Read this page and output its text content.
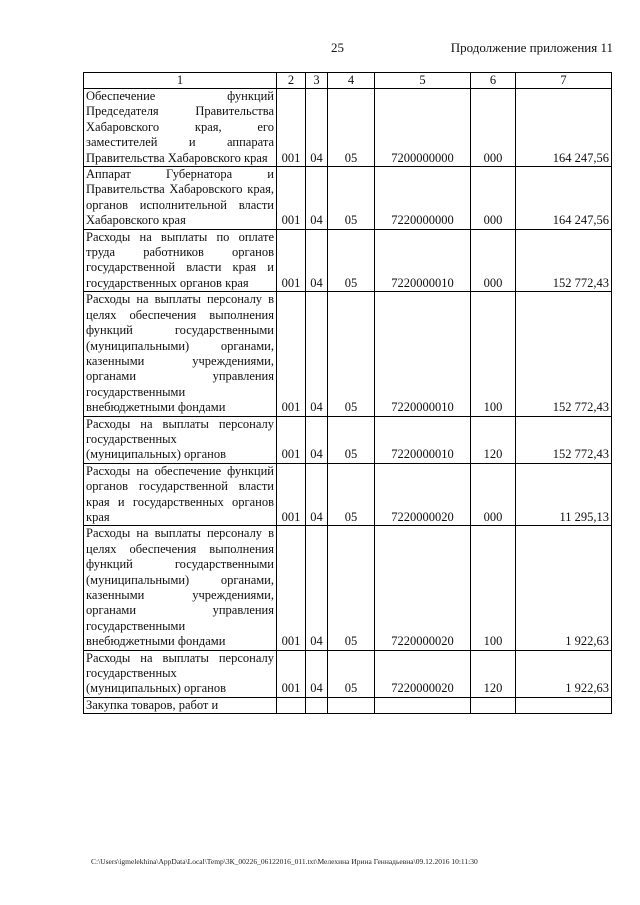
25	Продолжение приложения 11
1	2	3	4	5	6	7
Обеспечение функций Председателя Правительства Хабаровского края, его заместителей и аппарата Правительства Хабаровского края	001	04	05	7200000000	000	164 247,56
Аппарат Губернатора и Правительства Хабаровского края, органов исполнительной власти Хабаровского края	001	04	05	7220000000	000	164 247,56
Расходы на выплаты по оплате труда работников органов государственной власти края и государственных органов края	001	04	05	7220000010	000	152 772,43
Расходы на выплаты персоналу в целях обеспечения выполнения функций государственными (муниципальными) органами, казенными учреждениями, органами управления государственными внебюджетными фондами	001	04	05	7220000010	100	152 772,43
Расходы на выплаты персоналу государственных (муниципальных) органов	001	04	05	7220000010	120	152 772,43
Расходы на обеспечение функций органов государственной власти края и государственных органов края	001	04	05	7220000020	000	11 295,13
Расходы на выплаты персоналу в целях обеспечения выполнения функций государственными (муниципальными) органами, казенными учреждениями, органами управления государственными внебюджетными фондами	001	04	05	7220000020	100	1 922,63
Расходы на выплаты персоналу государственных (муниципальных) органов	001	04	05	7220000020	120	1 922,63
Закупка товаров, работ и						
C:\Users\igmelekhina\AppData\Local\Temp\3К_00226_06122016_011.txt\Мелехина Ирина Геннадьевна\09.12.2016 10:11:30
